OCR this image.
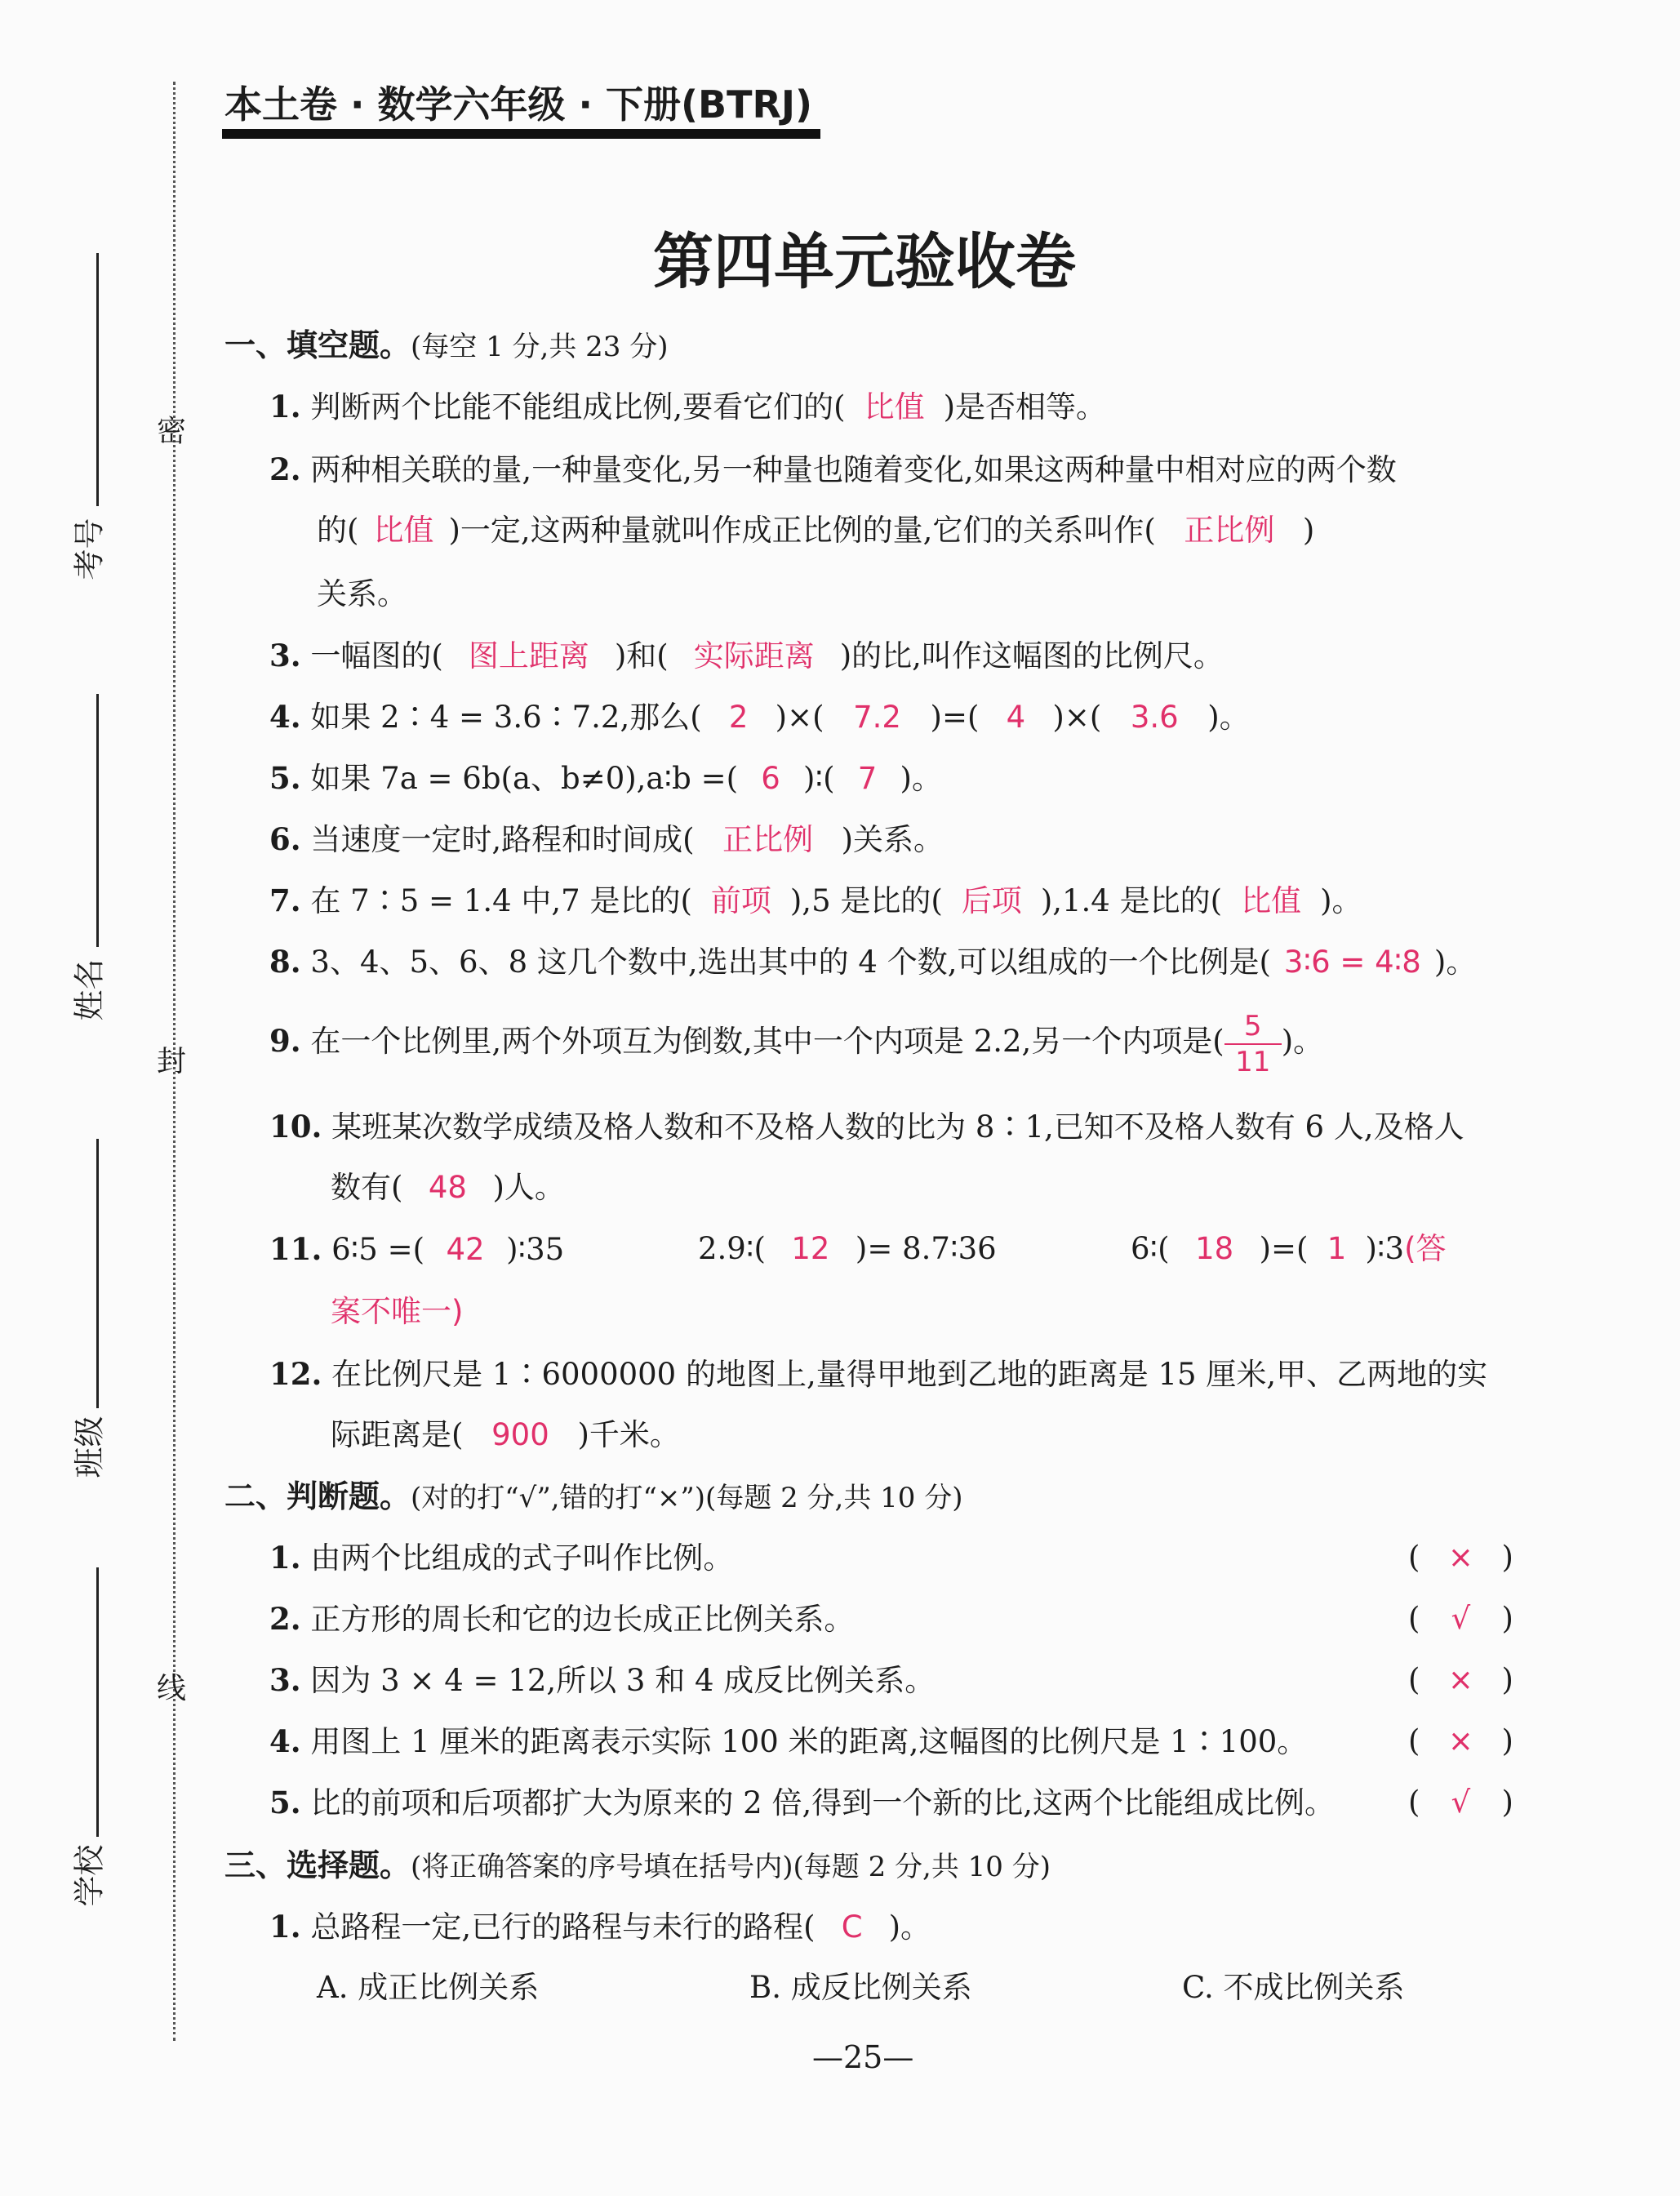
本土卷 · 数学六年级 · 下册(BTRJ)
密
封
线
考号
姓名
班级
学校
第四单元验收卷
一、填空题。(每空 1 分,共 23 分)
1. 判断两个比能不能组成比例,要看它们的( 比值 )是否相等。
2. 两种相关联的量,一种量变化,另一种量也随着变化,如果这两种量中相对应的两个数
的( 比值 )一定,这两种量就叫作成正比例的量,它们的关系叫作( 正比例 )
关系。
3. 一幅图的( 图上距离 )和( 实际距离 )的比,叫作这幅图的比例尺。
4. 如果 2∶4 = 3.6∶7.2,那么( 2 )×( 7.2 )=( 4 )×( 3.6 )。
5. 如果 7a = 6b(a、b≠0),a∶b =( 6 )∶( 7 )。
6. 当速度一定时,路程和时间成( 正比例 )关系。
7. 在 7∶5 = 1.4 中,7 是比的( 前项 ),5 是比的( 后项 ),1.4 是比的( 比值 )。
8. 3、4、5、6、8 这几个数中,选出其中的 4 个数,可以组成的一个比例是( 3∶6 = 4∶8 )。
9. 在一个比例里,两个外项互为倒数,其中一个内项是 2.2,另一个内项是$(\frac{5}{11})$。
10. 某班某次数学成绩及格人数和不及格人数的比为 8∶1,已知不及格人数有 6 人,及格人
数有( 48 )人。
11. 6∶5 =( 42 )∶35	2.9∶( 12 )= 8.7∶36	6∶( 18 )=( 1 )∶3(答
案不唯一)
12. 在比例尺是 1∶6000000 的地图上,量得甲地到乙地的距离是 15 厘米,甲、乙两地的实
际距离是( 900 )千米。
二、判断题。(对的打“√”,错的打“×”)(每题 2 分,共 10 分)
1. 由两个比组成的式子叫作比例。	( × )
2. 正方形的周长和它的边长成正比例关系。	( √ )
3. 因为 3 × 4 = 12,所以 3 和 4 成反比例关系。	( × )
4. 用图上 1 厘米的距离表示实际 100 米的距离,这幅图的比例尺是 1∶100。	( × )
5. 比的前项和后项都扩大为原来的 2 倍,得到一个新的比,这两个比能组成比例。 ( √ )
三、选择题。(将正确答案的序号填在括号内)(每题 2 分,共 10 分)
1. 总路程一定,已行的路程与未行的路程( C )。
A. 成正比例关系	B. 成反比例关系	C. 不成比例关系
—25—
